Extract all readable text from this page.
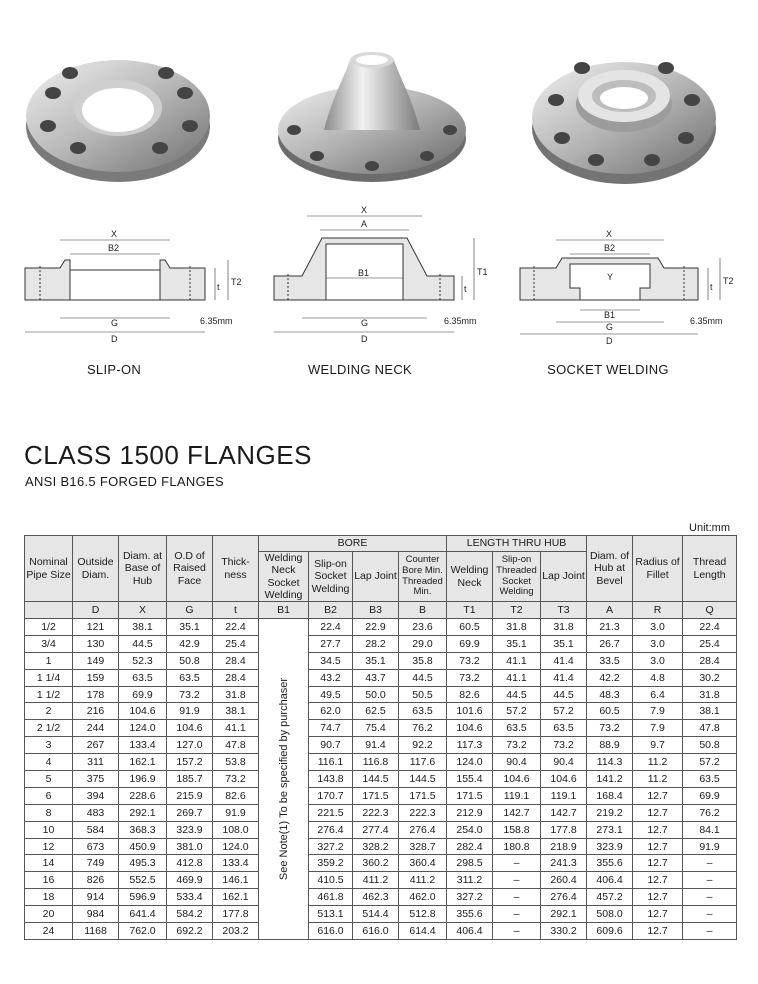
X
B2
G
D
t T2
6.35mm
X
A
B1
G
D
t
T1
6.35mm
X
B2
Y
B1
G
D
t
T2
6.35mm
SLIP-ON	WELDING NECK	SOCKET WELDING
CLASS 1500 FLANGES
ANSI B16.5 FORGED FLANGES
Unit:mm
Nominal Pipe Size	Outside Diam.	Diam. at Base of Hub	O.D of Raised Face	Thick- ness	BORE				LENGTH THRU HUB			Diam. of Hub at Bevel	Radius of Fillet	Thread Length
					Welding Neck Socket Welding	Slip-on Socket Welding	Lap Joint	Counter Bore Min. Threaded Min.	Welding Neck	Slip-on Threaded Socket Welding	Lap Joint			
	D	X	G	t	B1	B2	B3	B	T1	T2	T3	A	R	Q
1/2	121	38.1	35.1	22.4	See Note(1) To be specified by purchaser	22.4	22.9	23.6	60.5	31.8	31.8	21.3	3.0	22.4
3/4	130	44.5	42.9	25.4		27.7	28.2	29.0	69.9	35.1	35.1	26.7	3.0	25.4
1	149	52.3	50.8	28.4		34.5	35.1	35.8	73.2	41.1	41.4	33.5	3.0	28.4
1 1/4	159	63.5	63.5	28.4		43.2	43.7	44.5	73.2	41.1	41.4	42.2	4.8	30.2
1 1/2	178	69.9	73.2	31.8		49.5	50.0	50.5	82.6	44.5	44.5	48.3	6.4	31.8
2	216	104.6	91.9	38.1		62.0	62.5	63.5	101.6	57.2	57.2	60.5	7.9	38.1
2 1/2	244	124.0	104.6	41.1		74.7	75.4	76.2	104.6	63.5	63.5	73.2	7.9	47.8
3	267	133.4	127.0	47.8		90.7	91.4	92.2	117.3	73.2	73.2	88.9	9.7	50.8
4	311	162.1	157.2	53.8		116.1	116.8	117.6	124.0	90.4	90.4	114.3	11.2	57.2
5	375	196.9	185.7	73.2		143.8	144.5	144.5	155.4	104.6	104.6	141.2	11.2	63.5
6	394	228.6	215.9	82.6		170.7	171.5	171.5	171.5	119.1	119.1	168.4	12.7	69.9
8	483	292.1	269.7	91.9		221.5	222.3	222.3	212.9	142.7	142.7	219.2	12.7	76.2
10	584	368.3	323.9	108.0		276.4	277.4	276.4	254.0	158.8	177.8	273.1	12.7	84.1
12	673	450.9	381.0	124.0		327.2	328.2	328.7	282.4	180.8	218.9	323.9	12.7	91.9
14	749	495.3	412.8	133.4		359.2	360.2	360.4	298.5	–	241.3	355.6	12.7	–
16	826	552.5	469.9	146.1		410.5	411.2	411.2	311.2	–	260.4	406.4	12.7	–
18	914	596.9	533.4	162.1		461.8	462.3	462.0	327.2	–	276.4	457.2	12.7	–
20	984	641.4	584.2	177.8		513.1	514.4	512.8	355.6	–	292.1	508.0	12.7	–
24	1168	762.0	692.2	203.2		616.0	616.0	614.4	406.4	–	330.2	609.6	12.7	–
